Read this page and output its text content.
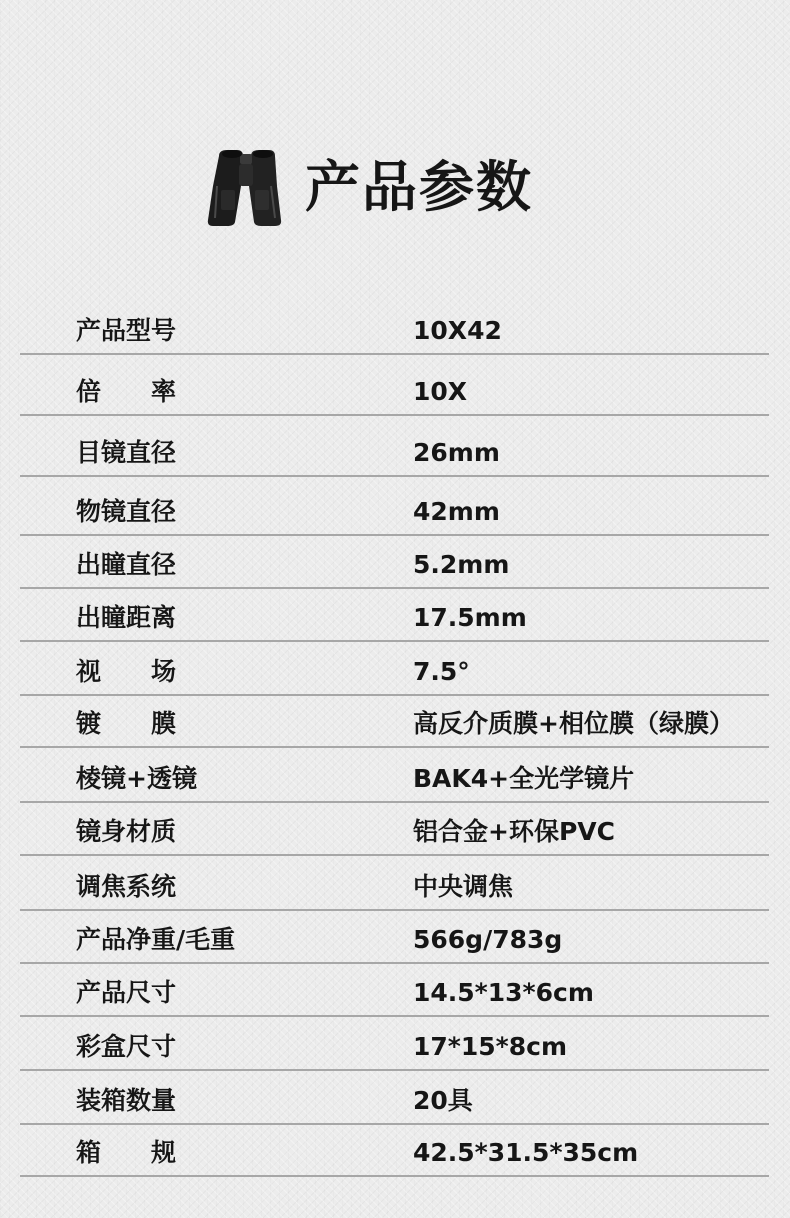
产品参数
产品型号	10X42
倍　　率	10X
目镜直径	26mm
物镜直径	42mm
出瞳直径	5.2mm
出瞳距离	17.5mm
视　　场	7.5°
镀　　膜	高反介质膜+相位膜（绿膜）
棱镜+透镜	BAK4+全光学镜片
镜身材质	铝合金+环保PVC
调焦系统	中央调焦
产品净重/毛重	566g/783g
产品尺寸	14.5*13*6cm
彩盒尺寸	17*15*8cm
装箱数量	20具
箱　　规	42.5*31.5*35cm
